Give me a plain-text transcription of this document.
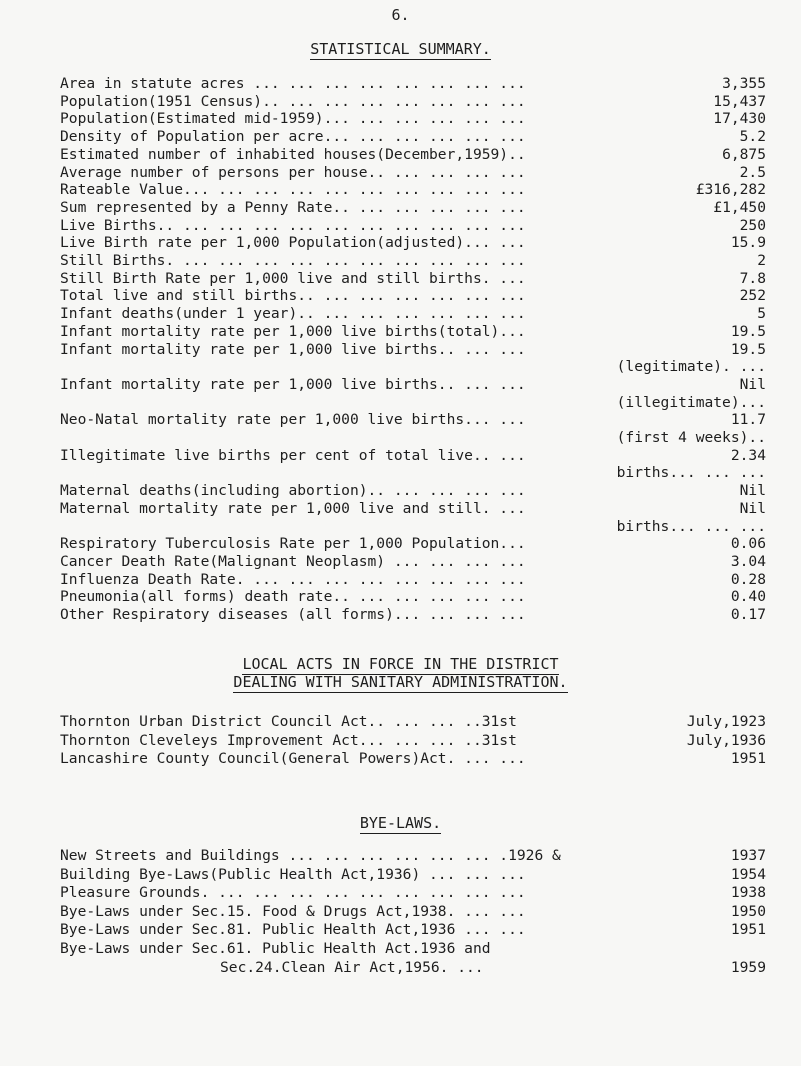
6.
STATISTICAL SUMMARY.
Area in statute acres ... ... ... ... ... ... ... ...	3,355
Population(1951 Census).. ... ... ... ... ... ... ...	15,437
Population(Estimated mid-1959)... ... ... ... ... ...	17,430
Density of Population per acre... ... ... ... ... ...	5.2
Estimated number of inhabited houses(December,1959)..	6,875
Average number of persons per house.. ... ... ... ...	2.5
Rateable Value... ... ... ... ... ... ... ... ... ...	£316,282
Sum represented by a Penny Rate.. ... ... ... ... ...	£1,450
Live Births.. ... ... ... ... ... ... ... ... ... ...	250
Live Birth rate per 1,000 Population(adjusted)... ...	15.9
Still Births. ... ... ... ... ... ... ... ... ... ...	2
Still Birth Rate per 1,000 live and still births. ...	7.8
Total live and still births.. ... ... ... ... ... ...	252
Infant deaths(under 1 year).. ... ... ... ... ... ...	5
Infant mortality rate per 1,000 live births(total)...	19.5
Infant mortality rate per 1,000 live births.. ... ...	19.5
(legitimate). ...
Infant mortality rate per 1,000 live births.. ... ...	Nil
(illegitimate)...
Neo-Natal mortality rate per 1,000 live births... ...	11.7
(first 4 weeks)..
Illegitimate live births per cent of total live.. ...	2.34
births... ... ...
Maternal deaths(including abortion).. ... ... ... ...	Nil
Maternal mortality rate per 1,000 live and still. ...	Nil
births... ... ...
Respiratory Tuberculosis Rate per 1,000 Population...	0.06
Cancer Death Rate(Malignant Neoplasm) ... ... ... ...	3.04
Influenza Death Rate. ... ... ... ... ... ... ... ...	0.28
Pneumonia(all forms) death rate.. ... ... ... ... ...	0.40
Other Respiratory diseases (all forms)... ... ... ...	0.17
LOCAL ACTS IN FORCE IN THE DISTRICT
DEALING WITH SANITARY ADMINISTRATION.
Thornton Urban District Council Act.. ... ... ..31st	July,1923
Thornton Cleveleys Improvement Act... ... ... ..31st	July,1936
Lancashire County Council(General Powers)Act. ... ...	1951
BYE-LAWS.
New Streets and Buildings ... ... ... ... ... ... .1926 &	1937
Building Bye-Laws(Public Health Act,1936) ... ... ...	1954
Pleasure Grounds. ... ... ... ... ... ... ... ... ...	1938
Bye-Laws under Sec.15. Food & Drugs Act,1938. ... ...	1950
Bye-Laws under Sec.81. Public Health Act,1936 ... ...	1951
Bye-Laws under Sec.61. Public Health Act.1936 and
Sec.24.Clean Air Act,1956. ...	1959
